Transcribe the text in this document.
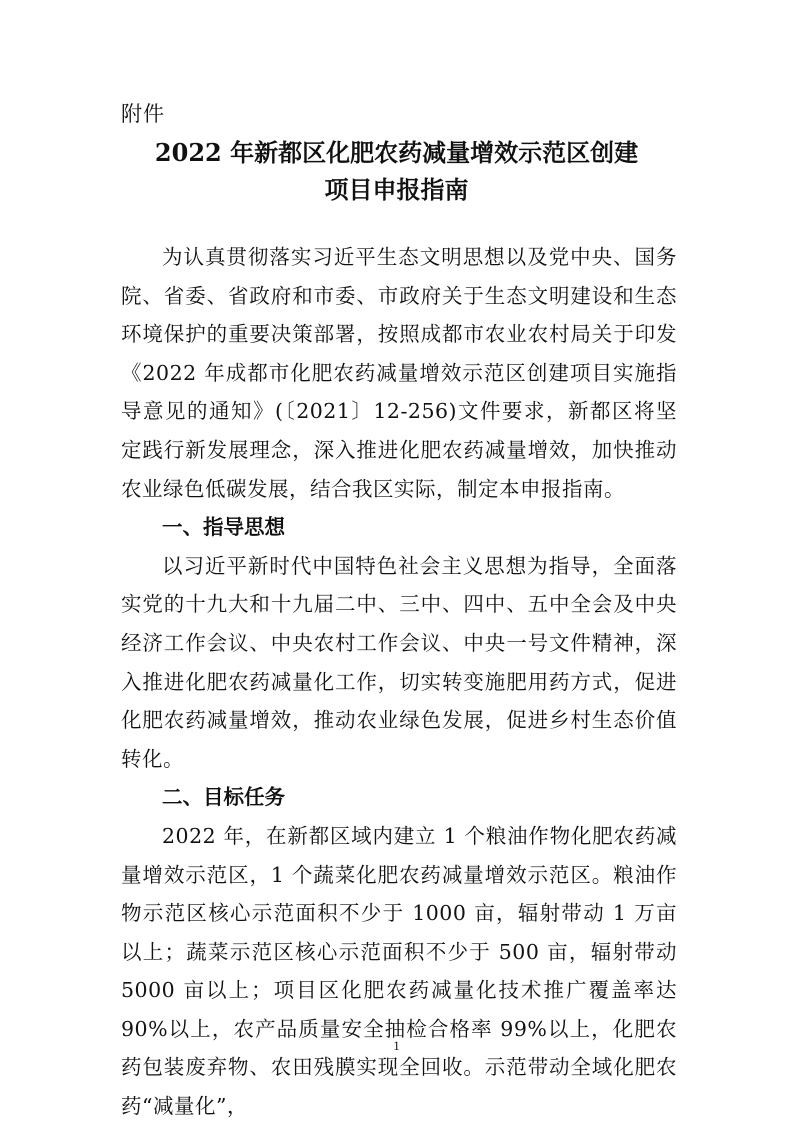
附件
2022 年新都区化肥农药减量增效示范区创建
项目申报指南

为认真贯彻落实习近平生态文明思想以及党中央、国务院、省委、省政府和市委、市政府关于生态文明建设和生态环境保护的重要决策部署，按照成都市农业农村局关于印发《2022 年成都市化肥农药减量增效示范区创建项目实施指导意见的通知》(〔2021〕12-256)文件要求，新都区将坚定践行新发展理念，深入推进化肥农药减量增效，加快推动农业绿色低碳发展，结合我区实际，制定本申报指南。

一、指导思想

以习近平新时代中国特色社会主义思想为指导，全面落实党的十九大和十九届二中、三中、四中、五中全会及中央经济工作会议、中央农村工作会议、中央一号文件精神，深入推进化肥农药减量化工作，切实转变施肥用药方式，促进化肥农药减量增效，推动农业绿色发展，促进乡村生态价值转化。

二、目标任务

2022 年，在新都区域内建立 1 个粮油作物化肥农药减量增效示范区，1 个蔬菜化肥农药减量增效示范区。粮油作物示范区核心示范面积不少于 1000 亩，辐射带动 1 万亩以上；蔬菜示范区核心示范面积不少于 500 亩，辐射带动 5000 亩以上；项目区化肥农药减量化技术推广覆盖率达 90%以上，农产品质量安全抽检合格率 99%以上，化肥农药包装废弃物、农田残膜实现全回收。示范带动全域化肥农药“减量化”，

1
